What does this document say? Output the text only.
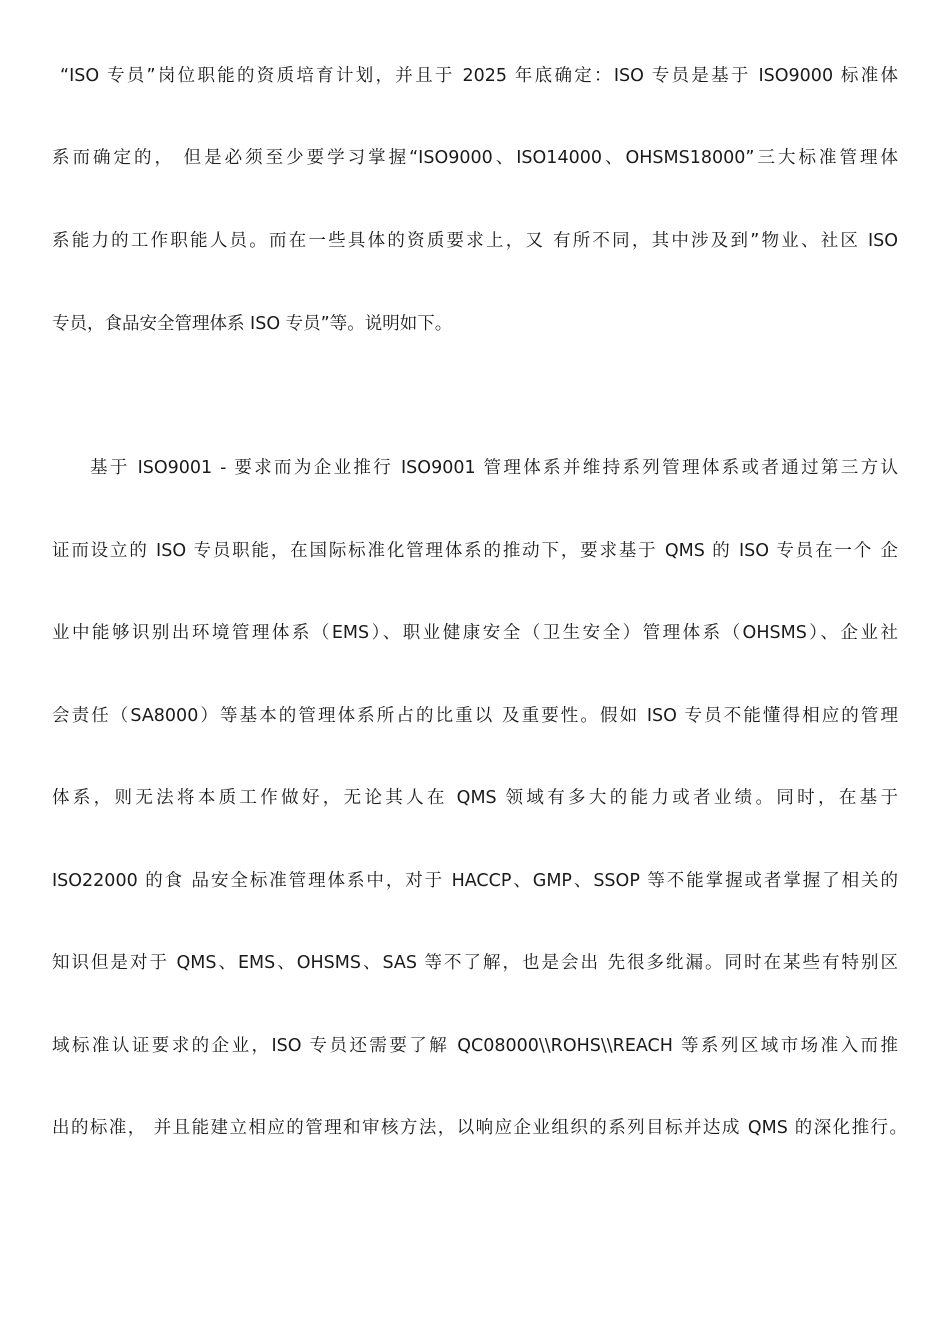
“ISO 专员”岗位职能的资质培育计划，并且于 2025 年底确定：ISO 专员是基于 ISO9000 标准体
系而确定的， 但是必须至少要学习掌握“ISO9000、ISO14000、OHSMS18000”三大标准管理体
系能力的工作职能人员。而在一些具体的资质要求上，又 有所不同，其中涉及到”物业、社区 ISO
专员，食品安全管理体系 ISO 专员”等。说明如下。
基于 ISO9001 - 要求而为企业推行 ISO9001 管理体系并维持系列管理体系或者通过第三方认
证而设立的 ISO 专员职能，在国际标准化管理体系的推动下，要求基于 QMS 的 ISO 专员在一个 企
业中能够识别出环境管理体系（EMS）、职业健康安全（卫生安全）管理体系（OHSMS）、企业社
会责任（SA8000）等基本的管理体系所占的比重以 及重要性。假如 ISO 专员不能懂得相应的管理
体系，则无法将本质工作做好，无论其人在 QMS 领域有多大的能力或者业绩。同时，在基于
ISO22000 的食 品安全标准管理体系中，对于 HACCP、GMP、SSOP 等不能掌握或者掌握了相关的
知识但是对于 QMS、EMS、OHSMS、SAS 等不了解，也是会出 先很多纰漏。同时在某些有特别区
域标准认证要求的企业，ISO 专员还需要了解 QC08000\\ROHS\\REACH 等系列区域市场准入而推
出的标准， 并且能建立相应的管理和审核方法，以响应企业组织的系列目标并达成 QMS 的深化推行。
